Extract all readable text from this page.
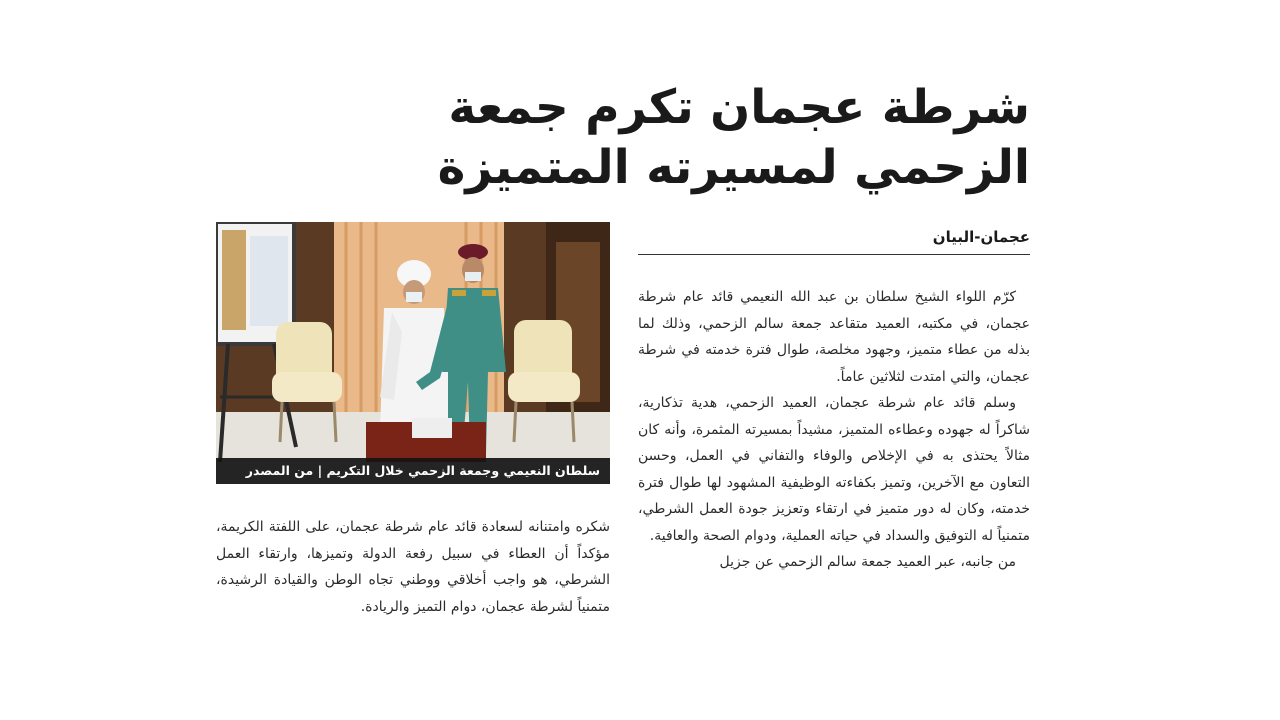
شرطة عجمان تكرم جمعة الزحمي لمسيرته المتميزة
سلطان النعيمي وجمعة الزحمي خلال التكريم | من المصدر
عجمان-البيان

كرّم اللواء الشيخ سلطان بن عبد الله النعيمي قائد عام شرطة عجمان، في مكتبه، العميد متقاعد جمعة سالم الزحمي، وذلك لما بذله من عطاء متميز، وجهود مخلصة، طوال فترة خدمته في شرطة عجمان، والتي امتدت لثلاثين عاماً.

وسلم قائد عام شرطة عجمان، العميد الزحمي، هدية تذكارية، شاكراً له جهوده وعطاءه المتميز، مشيداً بمسيرته المثمرة، وأنه كان مثالاً يحتذى به في الإخلاص والوفاء والتفاني في العمل، وحسن التعاون مع الآخرين، وتميز بكفاءته الوظيفية المشهود لها طوال فترة خدمته، وكان له دور متميز في ارتقاء وتعزيز جودة العمل الشرطي، متمنياً له التوفيق والسداد في حياته العملية، ودوام الصحة والعافية.

من جانبه، عبر العميد جمعة سالم الزحمي عن جزيل

شكره وامتنانه لسعادة قائد عام شرطة عجمان، على اللفتة الكريمة، مؤكداً أن العطاء في سبيل رفعة الدولة وتميزها، وارتقاء العمل الشرطي، هو واجب أخلاقي ووطني تجاه الوطن والقيادة الرشيدة، متمنياً لشرطة عجمان، دوام التميز والريادة.
